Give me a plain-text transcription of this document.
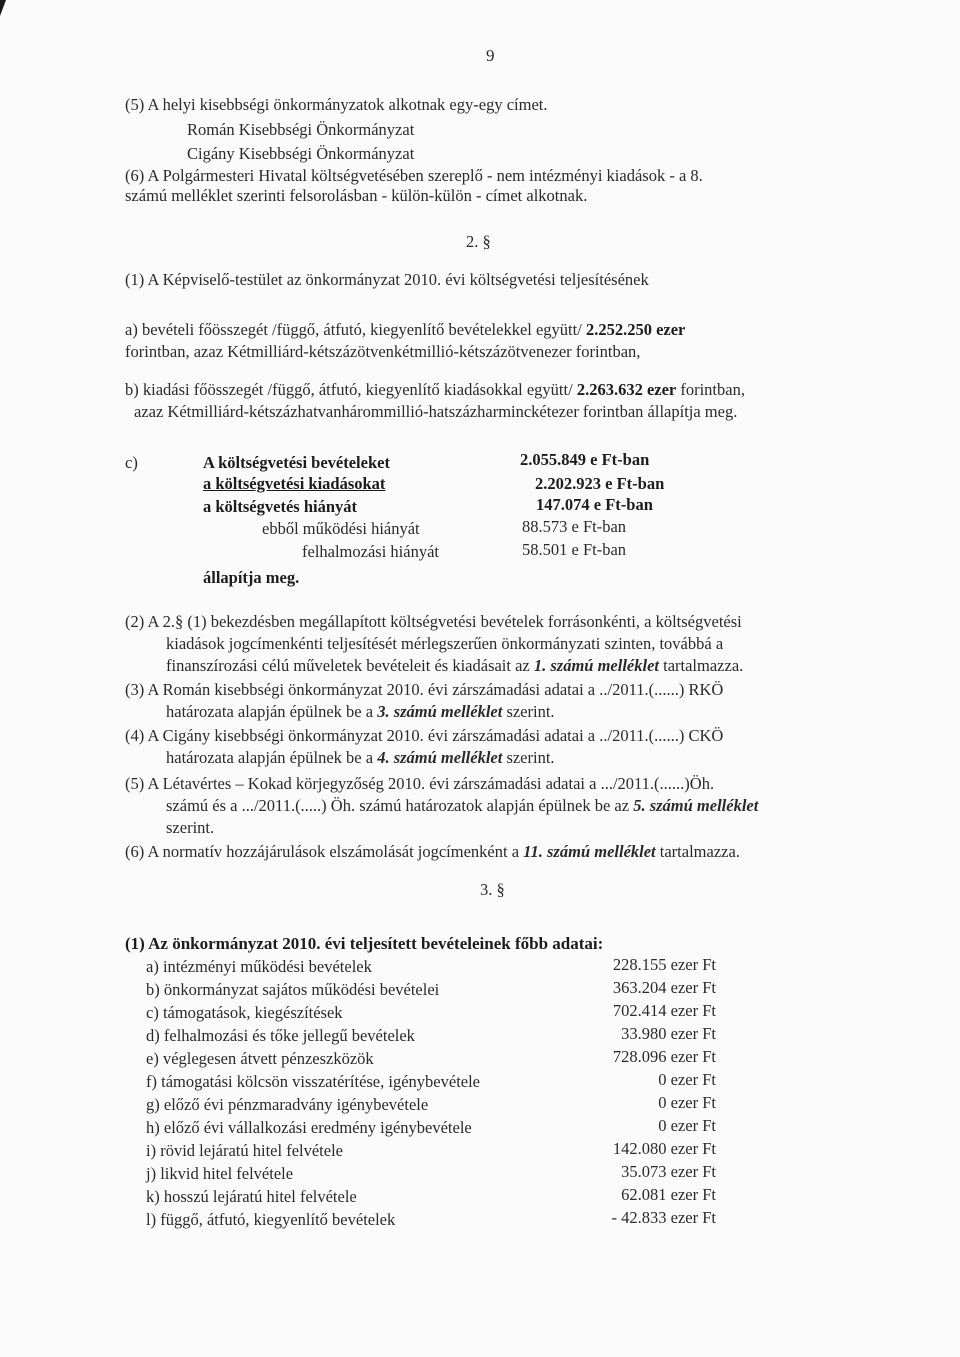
9
(5) A helyi kisebbségi önkormányzatok alkotnak egy-egy címet.
Román Kisebbségi Önkormányzat
Cigány Kisebbségi Önkormányzat
(6) A Polgármesteri Hivatal költségvetésében szereplő - nem intézményi kiadások - a 8.
számú melléklet szerinti felsorolásban - külön-külön - címet alkotnak.
2. §
(1) A Képviselő-testület az önkormányzat 2010. évi költségvetési teljesítésének
a) bevételi főösszegét /függő, átfutó, kiegyenlítő bevételekkel együtt/ 2.252.250 ezer
forintban, azaz Kétmilliárd-kétszázötvenkétmillió-kétszázötvenezer forintban,
b) kiadási főösszegét /függő, átfutó, kiegyenlítő kiadásokkal együtt/ 2.263.632 ezer forintban,
azaz Kétmilliárd-kétszázhatvanhárommillió-hatszázharminckétezer forintban állapítja meg.
c)	A költségvetési bevételeket	2.055.849 e Ft-ban
a költségvetési kiadásokat	2.202.923 e Ft-ban
a költségvetés hiányát	147.074 e Ft-ban
ebből működési hiányát	88.573 e Ft-ban
felhalmozási hiányát	58.501 e Ft-ban
állapítja meg.
(2) A 2.§ (1) bekezdésben megállapított költségvetési bevételek forrásonkénti, a költségvetési
kiadások jogcímenkénti teljesítését mérlegszerűen önkormányzati szinten, továbbá a
finanszírozási célú műveletek bevételeit és kiadásait az 1. számú melléklet tartalmazza.
(3) A Román kisebbségi önkormányzat 2010. évi zárszámadási adatai a ../2011.(......) RKÖ
határozata alapján épülnek be a 3. számú melléklet szerint.
(4) A Cigány kisebbségi önkormányzat 2010. évi zárszámadási adatai a ../2011.(......) CKÖ
határozata alapján épülnek be a 4. számú melléklet szerint.
(5) A Létavértes – Kokad körjegyzőség 2010. évi zárszámadási adatai a .../2011.(......)Öh.
számú és a .../2011.(.....) Öh. számú határozatok alapján épülnek be az 5. számú melléklet
szerint.
(6) A normatív hozzájárulások elszámolását jogcímenként a 11. számú melléklet tartalmazza.
3. §
(1) Az önkormányzat 2010. évi teljesített bevételeinek főbb adatai:
a) intézményi működési bevételek	228.155 ezer Ft
b) önkormányzat sajátos működési bevételei	363.204 ezer Ft
c) támogatások, kiegészítések	702.414 ezer Ft
d) felhalmozási és tőke jellegű bevételek	33.980 ezer Ft
e) véglegesen átvett pénzeszközök	728.096 ezer Ft
f) támogatási kölcsön visszatérítése, igénybevétele	0 ezer Ft
g) előző évi pénzmaradvány igénybevétele	0 ezer Ft
h) előző évi vállalkozási eredmény igénybevétele	0 ezer Ft
i) rövid lejáratú hitel felvétele	142.080 ezer Ft
j) likvid hitel felvétele	35.073 ezer Ft
k) hosszú lejáratú hitel felvétele	62.081 ezer Ft
l) függő, átfutó, kiegyenlítő bevételek	- 42.833 ezer Ft
